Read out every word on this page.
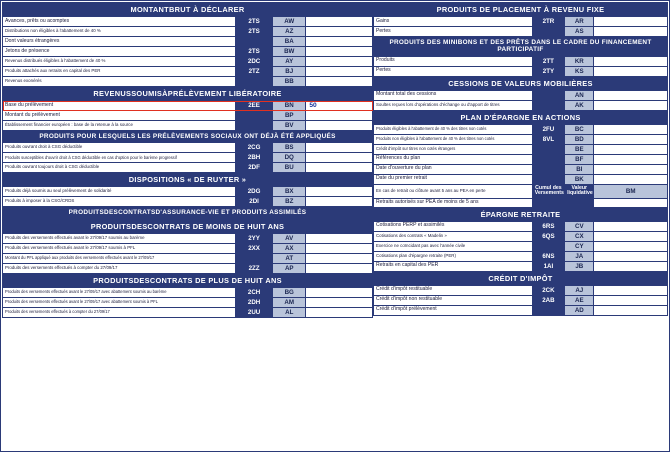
MONTANTBRUT À DÉCLARER			
Avances, prêts ou acomptes	2TS	AW	
Distributions non éligibles à l'abattement de 40 %	2TS	AZ	
Dont valeurs étrangères		BA	
Jetons de présence	2TS	BW	
Revenus distribués éligibles à l'abattement de 40 %	2DC	AY	
Produits attachés aux retraits en capital des PER	2TZ	BJ	
Revenus exonérés		BB	
REVENUSSOUMISÀPRÉLÈVEMENT LIBÉRATOIRE			
Base du prélèvement	2EE	BN	50
Montant du prélèvement		BP	
Établissement financier européen : base de la retenue à la source		BV	
PRODUITS POUR LESQUELS LES PRÉLÈVEMENTS SOCIAUX ONT DÉJÀ ÉTÉ APPLIQUÉS			
Produits ouvrant droit à CSG déductible	2CG	BS	
Produits susceptibles d'ouvrir droit à CSG déductible en cas d'option pour le barème progressif	2BH	DQ	
Produits ouvrant toujours droit à CSG déductible	2DF	BU	
DISPOSITIONS « DE RUYTER »			
Produits déjà soumis au seul prélèvement de solidarité	2DG	BX	
Produits à imposer à la CSG/CRDS	2DI	BZ	
PRODUITSDESCONTRATSD'ASSURANCE-VIE ET PRODUITS ASSIMILÉS			
PRODUITSDESCONTRATS DE MOINS DE HUIT ANS			
Produits des versements effectués avant le 27/09/17 soumis au barème	2YY	AV	
Produits des versements effectués avant le 27/09/17 soumis à PFL	2XX	AX	
Montant du PFL appliqué aux produits des versements effectués avant le 27/09/17		AT	
Produits des versements effectués à compter du 27/09/17	2ZZ	AP	
PRODUITSDESCONTRATS DE PLUS DE HUIT ANS			
Produits des versements effectués avant le 27/09/17 avec abattement soumis au barème	2CH	BG	
Produits des versements effectués avant le 27/09/17 avec abattement soumis à PFL	2DH	AM	
Produits des versements effectués à compter du 27/09/17	2UU	AL	
PRODUITS DE PLACEMENT À REVENU FIXE			
Gains	2TR	AR	
Pertes		AS	
PRODUITS DES MINIBONS ET DES PRÊTS DANS LE CADRE DU FINANCEMENT PARTICIPATIF			
Produits	2TT	KR	
Pertes	2TY	KS	
CESSIONS DE VALEURS MOBILIÈRES			
Montant total des cessions		AN	
Soultes reçues lors d'opérations d'échange ou d'apport de titres		AK	
PLAN D'ÉPARGNE EN ACTIONS			
Produits éligibles à l'abattement de 40 % des titres non cotés	2FU	BC	
Produits non éligibles à l'abattement de 40 % des titres non cotés	8VL	BD	
Crédit d'impôt sur titres non cotés étrangers		BE	
Références du plan		BF	
Date d'ouverture du plan		BI	
Date du premier retrait		BK	
En cas de retrait ou clôture avant 5 ans au PEA en perte	Cumul des Versements	Valeur liquidative	BM
Retraits autorisés sur PEA de moins de 5 ans			
ÉPARGNE RETRAITE			
Cotisations PERP et assimilés	6RS	CV	
Cotisations des contrats « Madelin »	6QS	CX	
Exercice ne coïncidant pas avec l'année civile		CY	
Cotisations plan d'épargne retraite (PER)	6NS	JA	
Retraits en capital des PER	1AI	JB	
CRÉDIT D'IMPÔT			
Crédit d'impôt restituable	2CK	AJ	
Crédit d'impôt non restituable	2AB	AE	
Crédit d'impôt prélèvement		AD	
